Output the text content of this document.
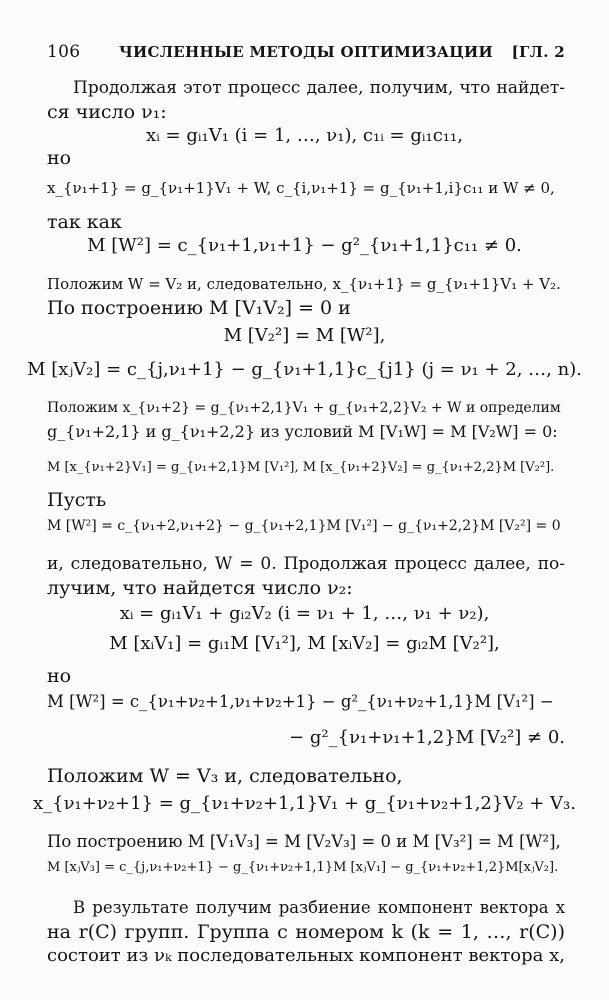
106	ЧИСЛЕННЫЕ МЕТОДЫ ОПТИМИЗАЦИИ	[ГЛ. 2
Продолжая этот процесс далее, получим, что найдет-
ся число ν₁:
xᵢ = gᵢ₁V₁ (i = 1, …, ν₁), c₁ᵢ = gᵢ₁c₁₁,
но
x_{ν₁+1} = g_{ν₁+1}V₁ + W, c_{i,ν₁+1} = g_{ν₁+1,i}c₁₁ и W ≠ 0,
так как
M [W²] = c_{ν₁+1,ν₁+1} − g²_{ν₁+1,1}c₁₁ ≠ 0.
Положим W = V₂ и, следовательно, x_{ν₁+1} = g_{ν₁+1}V₁ + V₂.
По построению M [V₁V₂] = 0 и
M [V₂²] = M [W²],
M [xⱼV₂] = c_{j,ν₁+1} − g_{ν₁+1,1}c_{j1} (j = ν₁ + 2, …, n).
Положим x_{ν₁+2} = g_{ν₁+2,1}V₁ + g_{ν₁+2,2}V₂ + W и определим
g_{ν₁+2,1} и g_{ν₁+2,2} из условий M [V₁W] = M [V₂W] = 0:
M [x_{ν₁+2}V₁] = g_{ν₁+2,1}M [V₁²], M [x_{ν₁+2}V₂] = g_{ν₁+2,2}M [V₂²].
Пусть
M [W²] = c_{ν₁+2,ν₁+2} − g_{ν₁+2,1}M [V₁²] − g_{ν₁+2,2}M [V₂²] = 0
и, следовательно, W = 0. Продолжая процесс далее, по-
лучим, что найдется число ν₂:
xᵢ = gᵢ₁V₁ + gᵢ₂V₂ (i = ν₁ + 1, …, ν₁ + ν₂),
M [xᵢV₁] = gᵢ₁M [V₁²], M [xᵢV₂] = gᵢ₂M [V₂²],
но
M [W²] = c_{ν₁+ν₂+1,ν₁+ν₂+1} − g²_{ν₁+ν₂+1,1}M [V₁²] −
− g²_{ν₁+ν₁+1,2}M [V₂²] ≠ 0.
Положим W = V₃ и, следовательно,
x_{ν₁+ν₂+1} = g_{ν₁+ν₂+1,1}V₁ + g_{ν₁+ν₂+1,2}V₂ + V₃.
По построению M [V₁V₃] = M [V₂V₃] = 0 и M [V₃²] = M [W²],
M [xⱼV₃] = c_{j,ν₁+ν₂+1} − g_{ν₁+ν₂+1,1}M [xⱼV₁] − g_{ν₁+ν₂+1,2}M[xⱼV₂].
В результате получим разбиение компонент вектора x
на r(C) групп. Группа с номером k (k = 1, …, r(C))
состоит из νₖ последовательных компонент вектора x,
